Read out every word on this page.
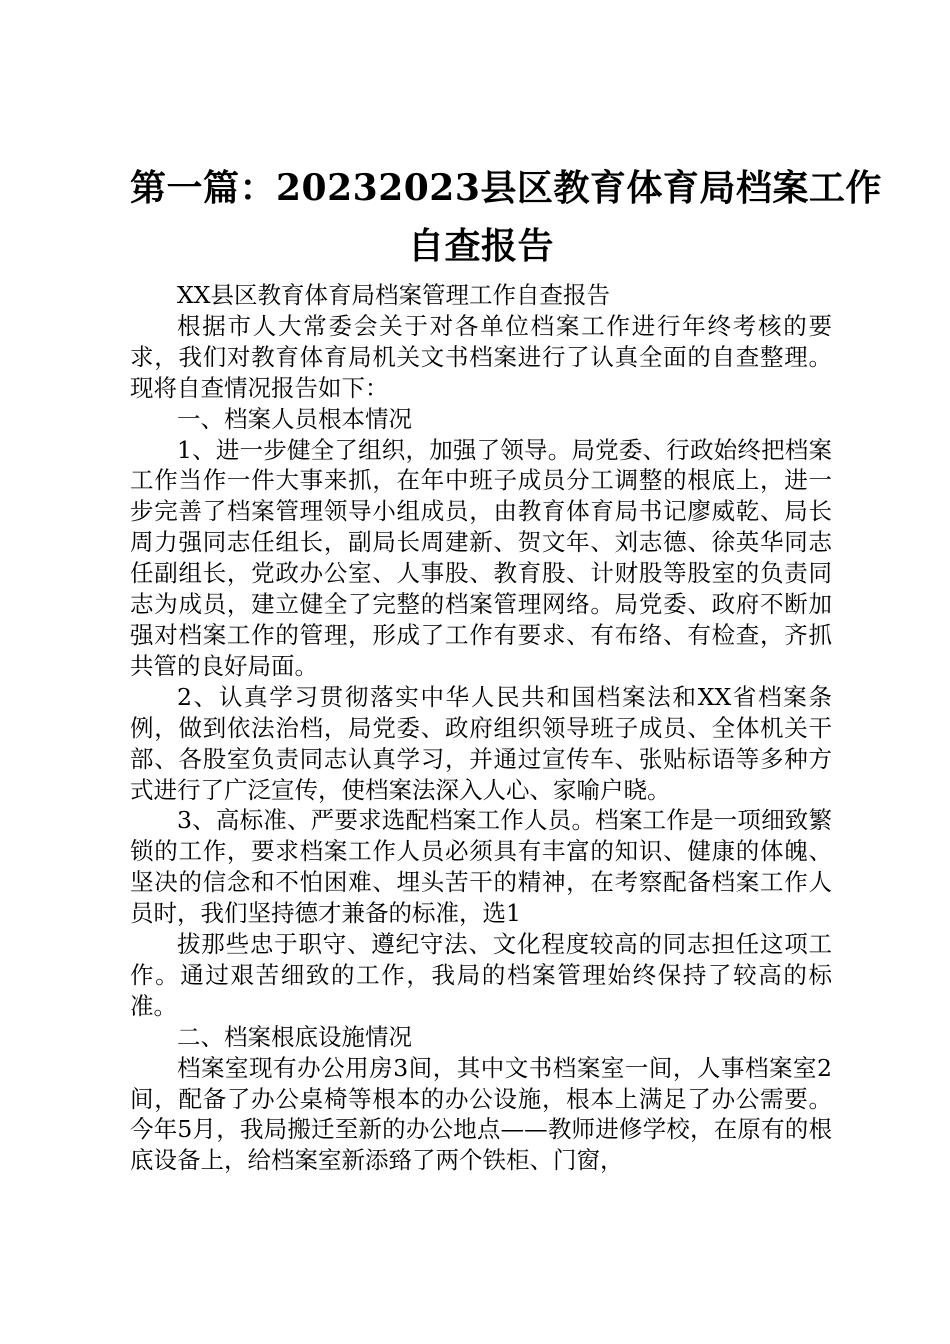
第一篇：20232023县区教育体育局档案工作
自查报告

XX县区教育体育局档案管理工作自查报告

根据市人大常委会关于对各单位档案工作进行年终考核的要求，我们对教育体育局机关文书档案进行了认真全面的自查整理。现将自查情况报告如下：

一、档案人员根本情况

1、进一步健全了组织，加强了领导。局党委、行政始终把档案工作当作一件大事来抓，在年中班子成员分工调整的根底上，进一步完善了档案管理领导小组成员，由教育体育局书记廖威乾、局长周力强同志任组长，副局长周建新、贺文年、刘志德、徐英华同志任副组长，党政办公室、人事股、教育股、计财股等股室的负责同志为成员，建立健全了完整的档案管理网络。局党委、政府不断加强对档案工作的管理，形成了工作有要求、有布络、有检查，齐抓共管的良好局面。

2、认真学习贯彻落实中华人民共和国档案法和XX省档案条例，做到依法治档，局党委、政府组织领导班子成员、全体机关干部、各股室负责同志认真学习，并通过宣传车、张贴标语等多种方式进行了广泛宣传，使档案法深入人心、家喻户晓。

3、高标准、严要求选配档案工作人员。档案工作是一项细致繁锁的工作，要求档案工作人员必须具有丰富的知识、健康的体魄、坚决的信念和不怕困难、埋头苦干的精神，在考察配备档案工作人员时，我们坚持德才兼备的标准，选1

拔那些忠于职守、遵纪守法、文化程度较高的同志担任这项工作。通过艰苦细致的工作，我局的档案管理始终保持了较高的标准。

二、档案根底设施情况

档案室现有办公用房3间，其中文书档案室一间，人事档案室2间，配备了办公桌椅等根本的办公设施，根本上满足了办公需要。今年5月，我局搬迁至新的办公地点——教师进修学校，在原有的根底设备上，给档案室新添臵了两个铁柜、门窗，
